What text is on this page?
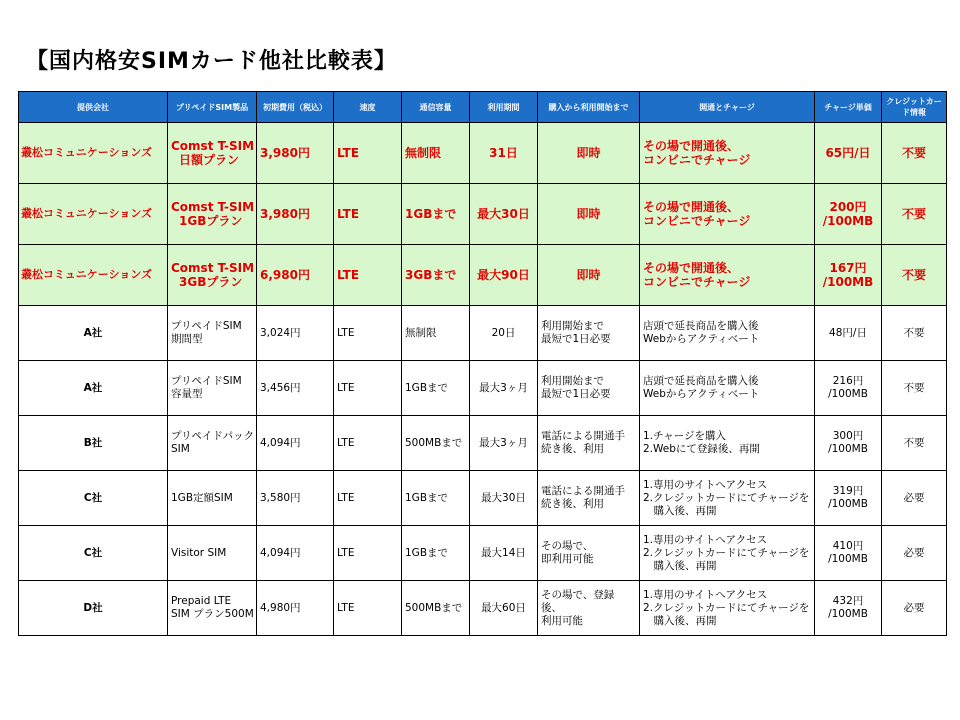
【国内格安SIMカード他社比較表】
提供会社	プリペイドSIM製品	初期費用（税込）	速度	通信容量	利用期間	購入から利用開始まで	開通とチャージ	チャージ単価	クレジットカード情報

叢松コミュニケーションズ	Comst T-SIM
日額プラン	3,980円	LTE	無制限	31日	即時	その場で開通後、
コンビニでチャージ	65円/日	不要

叢松コミュニケーションズ	Comst T-SIM
1GBプラン	3,980円	LTE	1GBまで	最大30日	即時	その場で開通後、
コンビニでチャージ	200円
/100MB	不要

叢松コミュニケーションズ	Comst T-SIM
3GBプラン	6,980円	LTE	3GBまで	最大90日	即時	その場で開通後、
コンビニでチャージ	167円
/100MB	不要

A社	プリペイドSIM
期間型	3,024円	LTE	無制限	20日	利用開始まで
最短で1日必要	店頭で延長商品を購入後
Webからアクティベート	48円/日	不要

A社	プリペイドSIM
容量型	3,456円	LTE	1GBまで	最大3ヶ月	利用開始まで
最短で1日必要	店頭で延長商品を購入後
Webからアクティベート	216円
/100MB	不要

B社	プリペイドパック
SIM	4,094円	LTE	500MBまで	最大3ヶ月	電話による開通手
続き後、利用	1.チャージを購入
2.Webにて登録後、再開	300円
/100MB	不要

C社	1GB定額SIM	3,580円	LTE	1GBまで	最大30日	電話による開通手
続き後、利用	1.専用のサイトへアクセス
2.クレジットカードにてチャージを
　購入後、再開	319円
/100MB	必要

C社	Visitor SIM	4,094円	LTE	1GBまで	最大14日	その場で、
即利用可能	1.専用のサイトへアクセス
2.クレジットカードにてチャージを
　購入後、再開	410円
/100MB	必要

D社	Prepaid LTE
SIM プラン500M	4,980円	LTE	500MBまで	最大60日	その場で、登録
後、
利用可能	1.専用のサイトへアクセス
2.クレジットカードにてチャージを
　購入後、再開	432円
/100MB	必要
